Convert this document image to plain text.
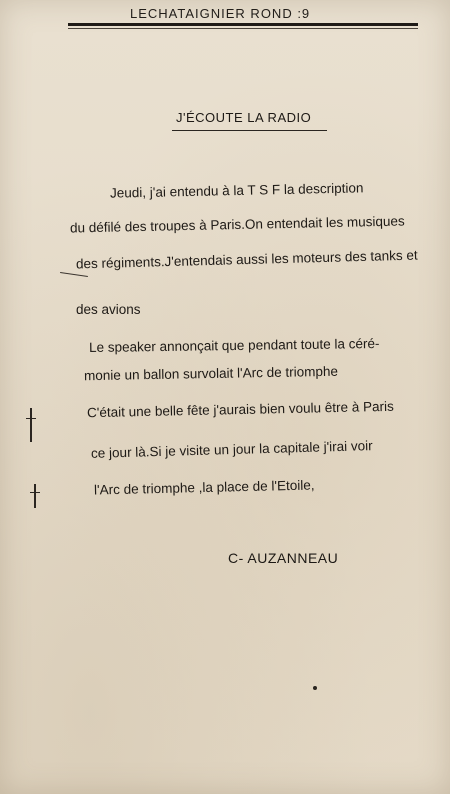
LECHATAIGNIER ROND :9
J'ÉCOUTE LA RADIO
Jeudi, j'ai entendu à la T S F la description
du défilé des troupes à Paris.On entendait les musiques
des régiments.J'entendais aussi les moteurs des tanks et
des avions
Le speaker annonçait que pendant toute la céré-
monie un ballon survolait l'Arc de triomphe
C'était une belle fête j'aurais bien voulu être à Paris
ce jour là.Si je visite un jour la capitale j'irai voir
l'Arc de triomphe ,la place de l'Etoile,
C- AUZANNEAU
